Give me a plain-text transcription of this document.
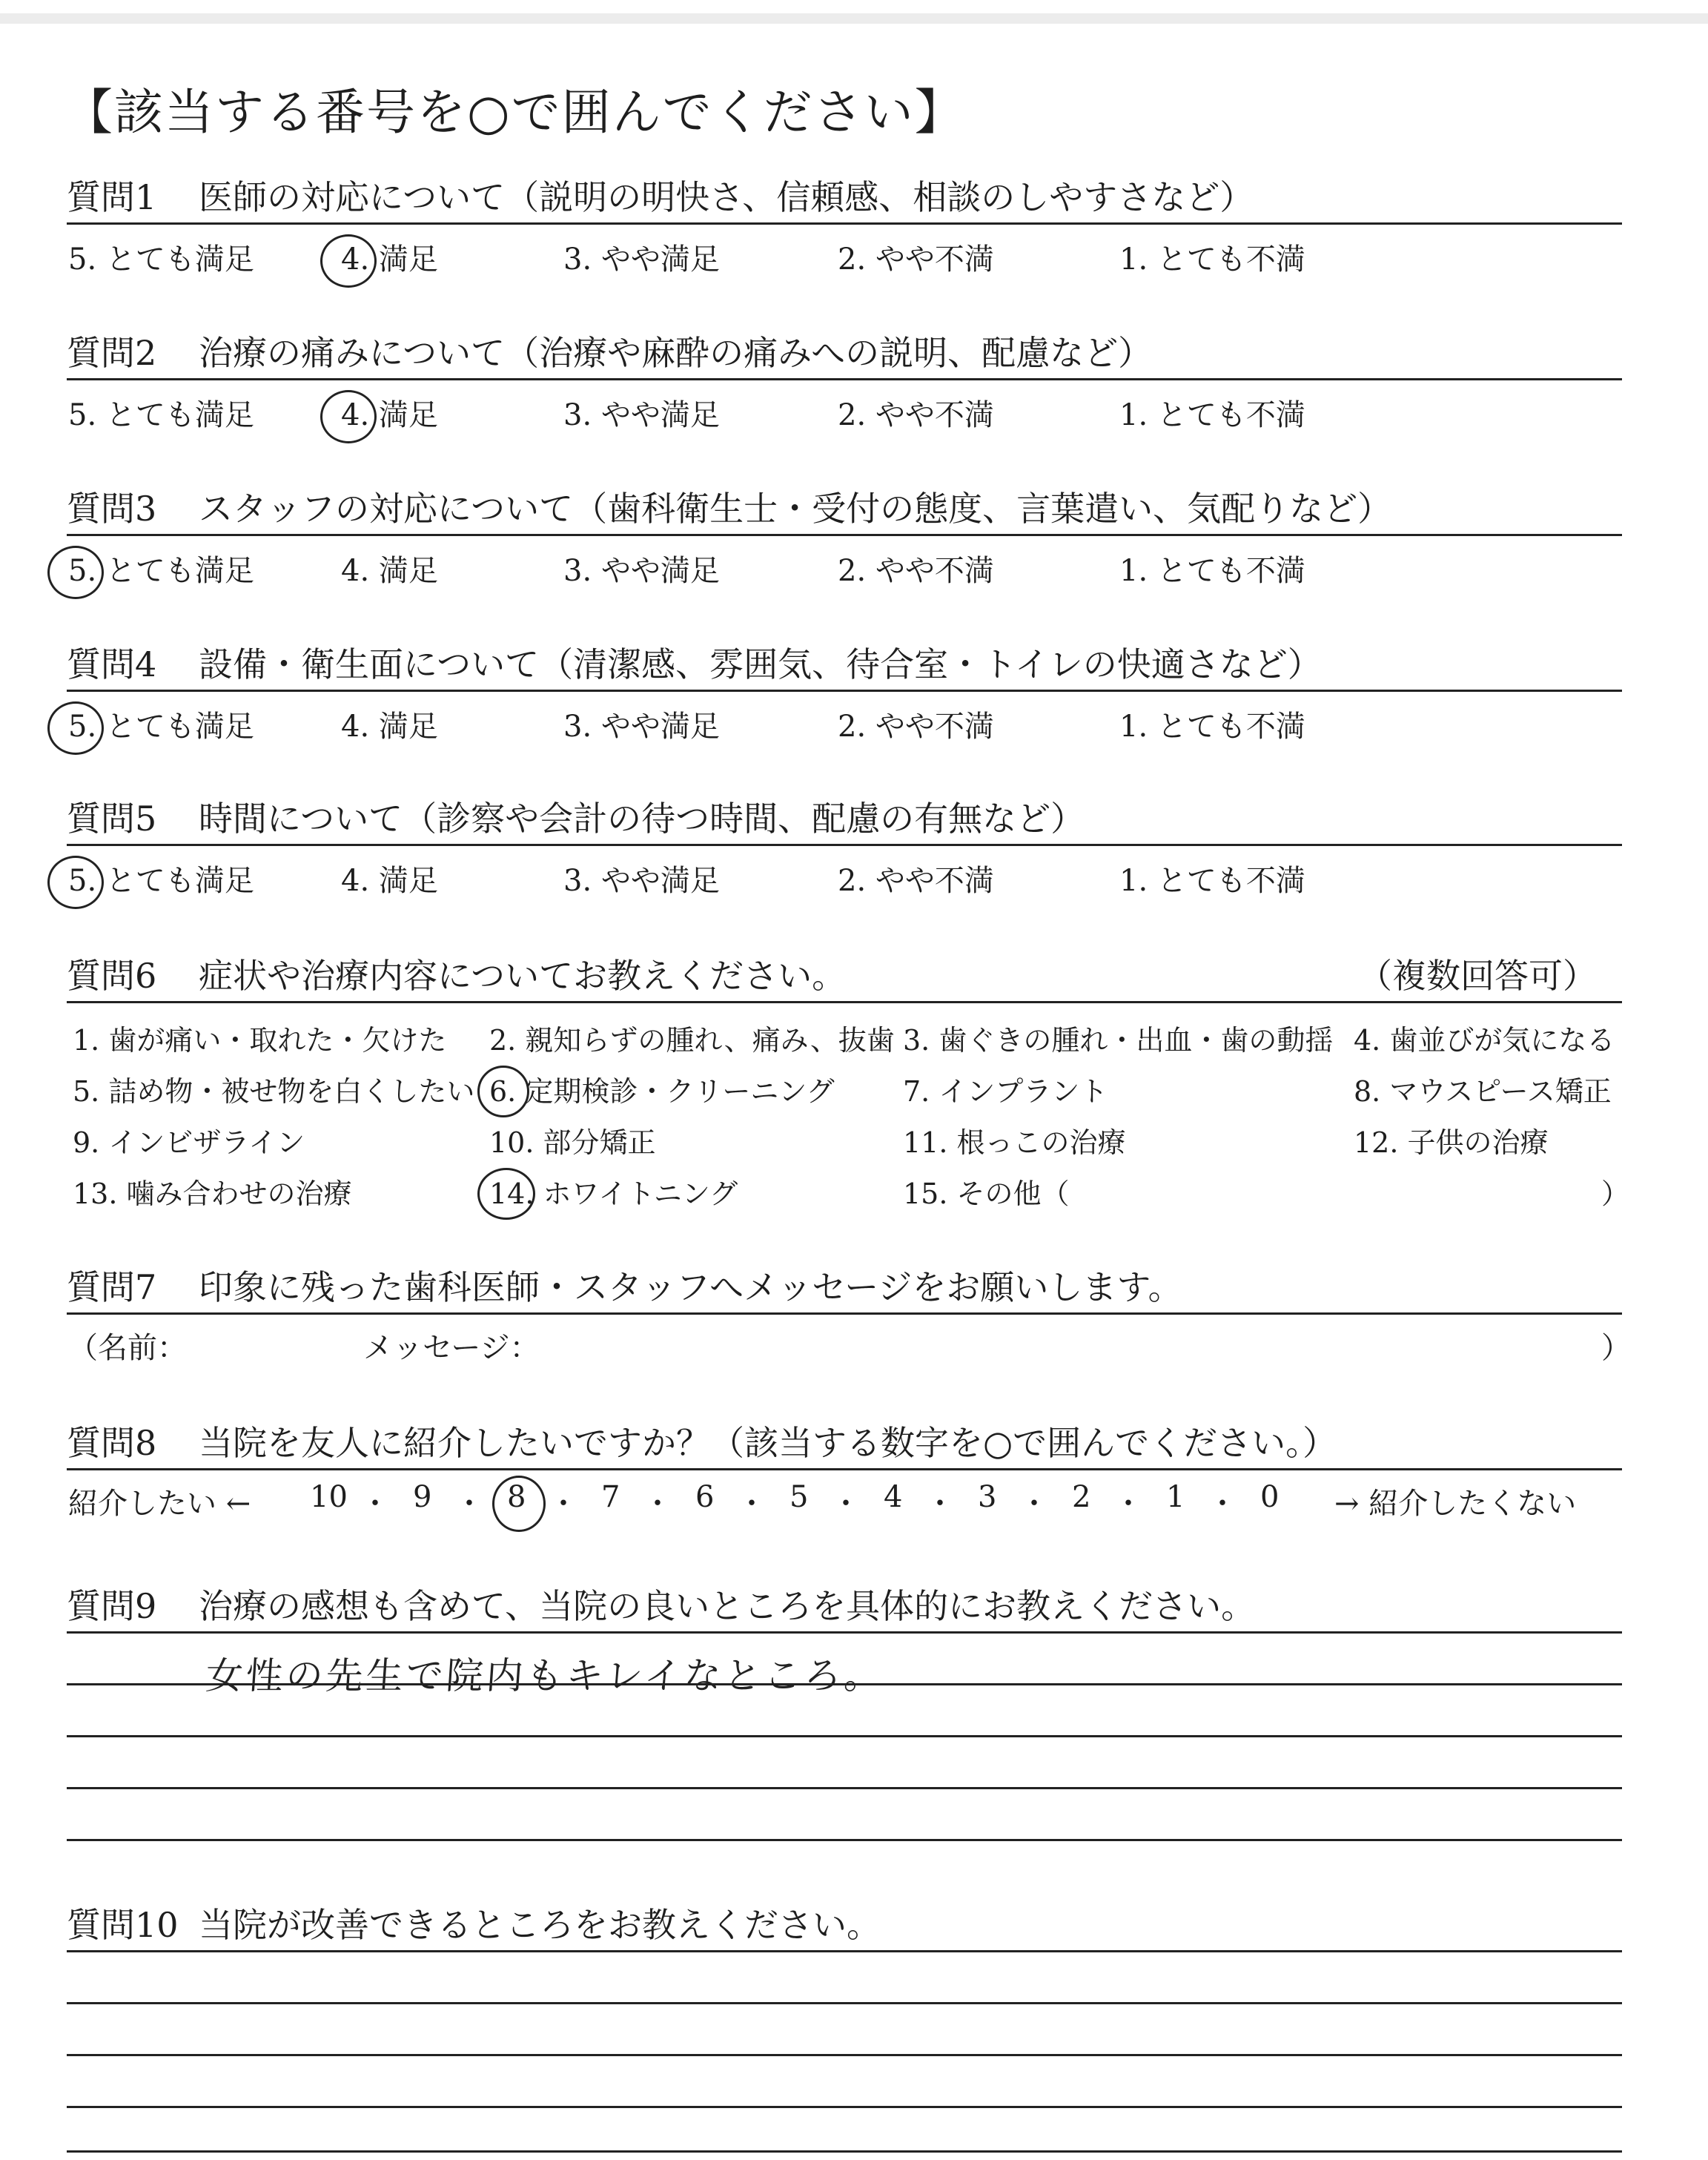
【該当する番号を○で囲んでください】
質問1 医師の対応について（説明の明快さ、信頼感、相談のしやすさなど）
5. とても満足	4. 満足	3. やや満足	2. やや不満	1. とても不満
質問2 治療の痛みについて（治療や麻酔の痛みへの説明、配慮など）
5. とても満足	4. 満足	3. やや満足	2. やや不満	1. とても不満
質問3 スタッフの対応について（歯科衛生士・受付の態度、言葉遣い、気配りなど）
5. とても満足	4. 満足	3. やや満足	2. やや不満	1. とても不満
質問4 設備・衛生面について（清潔感、雰囲気、待合室・トイレの快適さなど）
5. とても満足	4. 満足	3. やや満足	2. やや不満	1. とても不満
質問5 時間について（診察や会計の待つ時間、配慮の有無など）
5. とても満足	4. 満足	3. やや満足	2. やや不満	1. とても不満
質問6 症状や治療内容についてお教えください。	（複数回答可）
1. 歯が痛い・取れた・欠けた 2. 親知らずの腫れ、痛み、抜歯 3. 歯ぐきの腫れ・出血・歯の動揺 4. 歯並びが気になる
5. 詰め物・被せ物を白くしたい 6. 定期検診・クリーニング 7. インプラント	8. マウスピース矯正
9. インビザライン	10. 部分矯正	11. 根っこの治療	12. 子供の治療
13. 噛み合わせの治療	14. ホワイトニング	15. その他（	）
質問7 印象に残った歯科医師・スタッフへメッセージをお願いします。
（名前：	メッセージ：	）
質問8 当院を友人に紹介したいですか？（該当する数字を○で囲んでください。）
紹介したい ←	→ 紹介したくない
10 ・ 9 ・ 8 ・ 7 ・ 6 ・ 5 ・ 4 ・ 3 ・ 2 ・ 1 ・ 0
質問9 治療の感想も含めて、当院の良いところを具体的にお教えください。
質問10 当院が改善できるところをお教えください。
女性の先生で院内もキレイなところ。
